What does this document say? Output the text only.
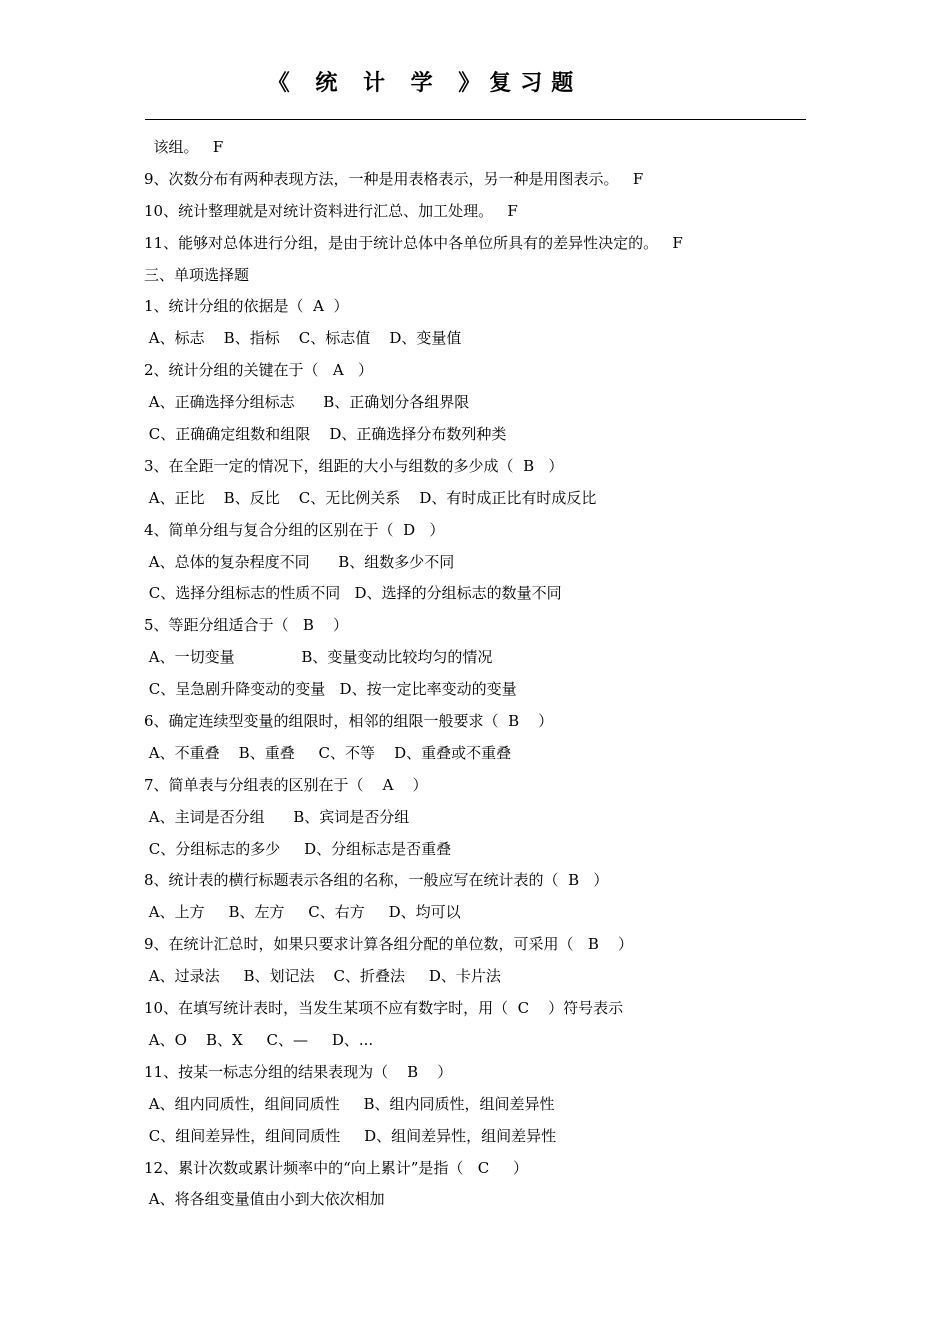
《 统 计 学 》复习题
该组。   F
9、次数分布有两种表现方法，一种是用表格表示，另一种是用图表示。   F
10、统计整理就是对统计资料进行汇总、加工处理。   F
11、能够对总体进行分组，是由于统计总体中各单位所具有的差异性决定的。   F
三、单项选择题
1、统计分组的依据是（  A  ）
A、标志    B、指标    C、标志值    D、变量值
2、统计分组的关键在于（   A   ）
A、正确选择分组标志      B、正确划分各组界限
C、正确确定组数和组限    D、正确选择分布数列种类
3、在全距一定的情况下，组距的大小与组数的多少成（  B   ）
A、正比    B、反比    C、无比例关系    D、有时成正比有时成反比
4、简单分组与复合分组的区别在于（  D   ）
A、总体的复杂程度不同      B、组数多少不同
C、选择分组标志的性质不同   D、选择的分组标志的数量不同
5、等距分组适合于（   B    ）
A、一切变量              B、变量变动比较均匀的情况
C、呈急剧升降变动的变量   D、按一定比率变动的变量
6、确定连续型变量的组限时，相邻的组限一般要求（  B    ）
A、不重叠    B、重叠     C、不等    D、重叠或不重叠
7、简单表与分组表的区别在于（    A    ）
A、主词是否分组      B、宾词是否分组
C、分组标志的多少     D、分组标志是否重叠
8、统计表的横行标题表示各组的名称，一般应写在统计表的（  B   ）
A、上方     B、左方     C、右方     D、均可以
9、在统计汇总时，如果只要求计算各组分配的单位数，可采用（   B    ）
A、过录法     B、划记法    C、折叠法     D、卡片法
10、在填写统计表时，当发生某项不应有数字时，用（  C    ）符号表示
A、O    B、X     C、—     D、...
11、按某一标志分组的结果表现为（    B    ）
A、组内同质性，组间同质性     B、组内同质性，组间差异性
C、组间差异性，组间同质性     D、组间差异性，组间差异性
12、累计次数或累计频率中的“向上累计”是指（   C     ）
A、将各组变量值由小到大依次相加
